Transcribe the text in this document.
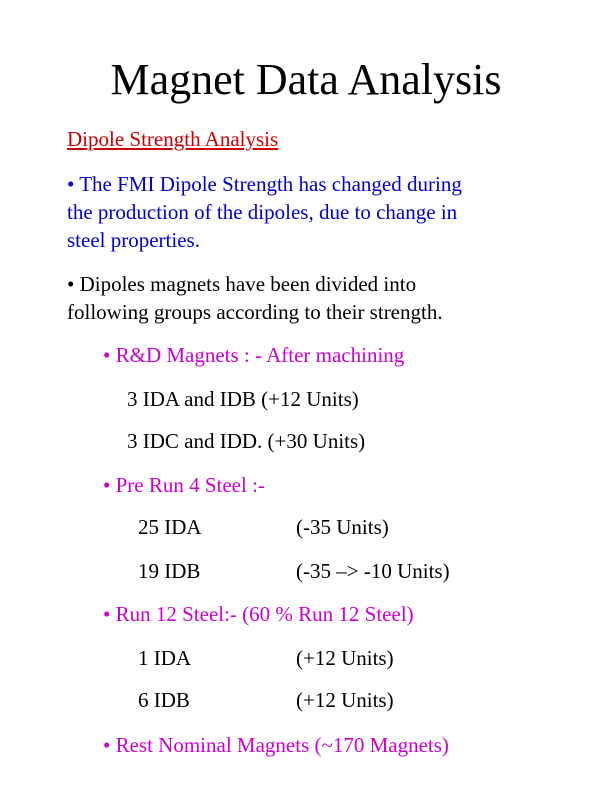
Magnet Data Analysis
Dipole Strength Analysis
• The FMI Dipole Strength has changed during
the production of the dipoles, due to change in
steel properties.
• Dipoles magnets have been divided into
following groups according to their strength.
• R&D Magnets : - After machining
3 IDA and IDB (+12 Units)
3 IDC and IDD. (+30 Units)
• Pre Run 4 Steel :-
25 IDA	(-35 Units)
19 IDB	(-35 –> -10 Units)
• Run 12 Steel:- (60 % Run 12 Steel)
1 IDA	(+12 Units)
6 IDB	(+12 Units)
• Rest Nominal Magnets (~170 Magnets)
